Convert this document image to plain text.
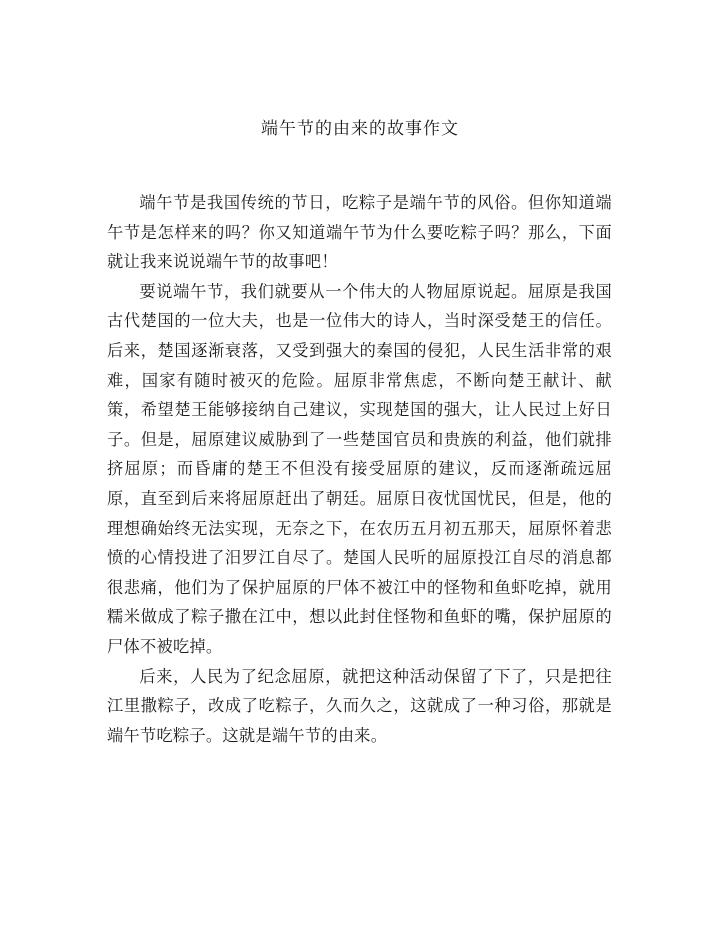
端午节的由来的故事作文

端午节是我国传统的节日，吃粽子是端午节的风俗。但你知道端午节是怎样来的吗？你又知道端午节为什么要吃粽子吗？那么，下面就让我来说说端午节的故事吧！

要说端午节，我们就要从一个伟大的人物屈原说起。屈原是我国古代楚国的一位大夫，也是一位伟大的诗人，当时深受楚王的信任。后来，楚国逐渐衰落，又受到强大的秦国的侵犯，人民生活非常的艰难，国家有随时被灭的危险。屈原非常焦虑，不断向楚王献计、献策，希望楚王能够接纳自己建议，实现楚国的强大，让人民过上好日子。但是，屈原建议威胁到了一些楚国官员和贵族的利益，他们就排挤屈原；而昏庸的楚王不但没有接受屈原的建议，反而逐渐疏远屈原，直至到后来将屈原赶出了朝廷。屈原日夜忧国忧民，但是，他的理想确始终无法实现，无奈之下，在农历五月初五那天，屈原怀着悲愤的心情投进了汨罗江自尽了。楚国人民听的屈原投江自尽的消息都很悲痛，他们为了保护屈原的尸体不被江中的怪物和鱼虾吃掉，就用糯米做成了粽子撒在江中，想以此封住怪物和鱼虾的嘴，保护屈原的尸体不被吃掉。

后来，人民为了纪念屈原，就把这种活动保留了下了，只是把往江里撒粽子，改成了吃粽子，久而久之，这就成了一种习俗，那就是端午节吃粽子。这就是端午节的由来。
